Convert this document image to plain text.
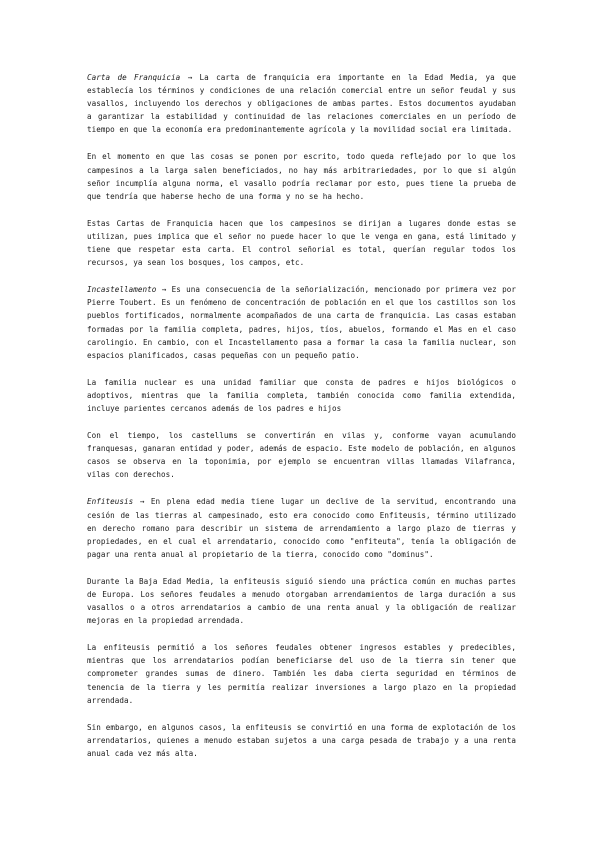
Carta de Franquicia → La carta de franquicia era importante en la Edad Media, ya que establecía los términos y condiciones de una relación comercial entre un señor feudal y sus vasallos, incluyendo los derechos y obligaciones de ambas partes. Estos documentos ayudaban a garantizar la estabilidad y continuidad de las relaciones comerciales en un período de tiempo en que la economía era predominantemente agrícola y la movilidad social era limitada.

En el momento en que las cosas se ponen por escrito, todo queda reflejado por lo que los campesinos a la larga salen beneficiados, no hay más arbitrariedades, por lo que si algún señor incumplía alguna norma, el vasallo podría reclamar por esto, pues tiene la prueba de que tendría que haberse hecho de una forma y no se ha hecho.

Estas Cartas de Franquicia hacen que los campesinos se dirijan a lugares donde estas se utilizan, pues implica que el señor no puede hacer lo que le venga en gana, está limitado y tiene que respetar esta carta. El control señorial es total, querían regular todos los recursos, ya sean los bosques, los campos, etc.

Incastellamento → Es una consecuencia de la señorialización, mencionado por primera vez por Pierre Toubert. Es un fenómeno de concentración de población en el que los castillos son los pueblos fortificados, normalmente acompañados de una carta de franquicia. Las casas estaban formadas por la familia completa, padres, hijos, tíos, abuelos, formando el Mas en el caso carolingio. En cambio, con el Incastellamento pasa a formar la casa la familia nuclear, son espacios planificados, casas pequeñas con un pequeño patio.

La familia nuclear es una unidad familiar que consta de padres e hijos biológicos o adoptivos, mientras que la familia completa, también conocida como familia extendida, incluye parientes cercanos además de los padres e hijos

Con el tiempo, los castellums se convertirán en vilas y, conforme vayan acumulando franquesas, ganaran entidad y poder, además de espacio. Este modelo de población, en algunos casos se observa en la toponimia, por ejemplo se encuentran villas llamadas Vilafranca, vilas con derechos.

Enfiteusis → En plena edad media tiene lugar un declive de la servitud, encontrando una cesión de las tierras al campesinado, esto era conocido como Enfiteusis, término utilizado en derecho romano para describir un sistema de arrendamiento a largo plazo de tierras y propiedades, en el cual el arrendatario, conocido como "enfiteuta", tenía la obligación de pagar una renta anual al propietario de la tierra, conocido como "dominus".

Durante la Baja Edad Media, la enfiteusis siguió siendo una práctica común en muchas partes de Europa. Los señores feudales a menudo otorgaban arrendamientos de larga duración a sus vasallos o a otros arrendatarios a cambio de una renta anual y la obligación de realizar mejoras en la propiedad arrendada.

La enfiteusis permitió a los señores feudales obtener ingresos estables y predecibles, mientras que los arrendatarios podían beneficiarse del uso de la tierra sin tener que comprometer grandes sumas de dinero. También les daba cierta seguridad en términos de tenencia de la tierra y les permitía realizar inversiones a largo plazo en la propiedad arrendada.

Sin embargo, en algunos casos, la enfiteusis se convirtió en una forma de explotación de los arrendatarios, quienes a menudo estaban sujetos a una carga pesada de trabajo y a una renta anual cada vez más alta.
